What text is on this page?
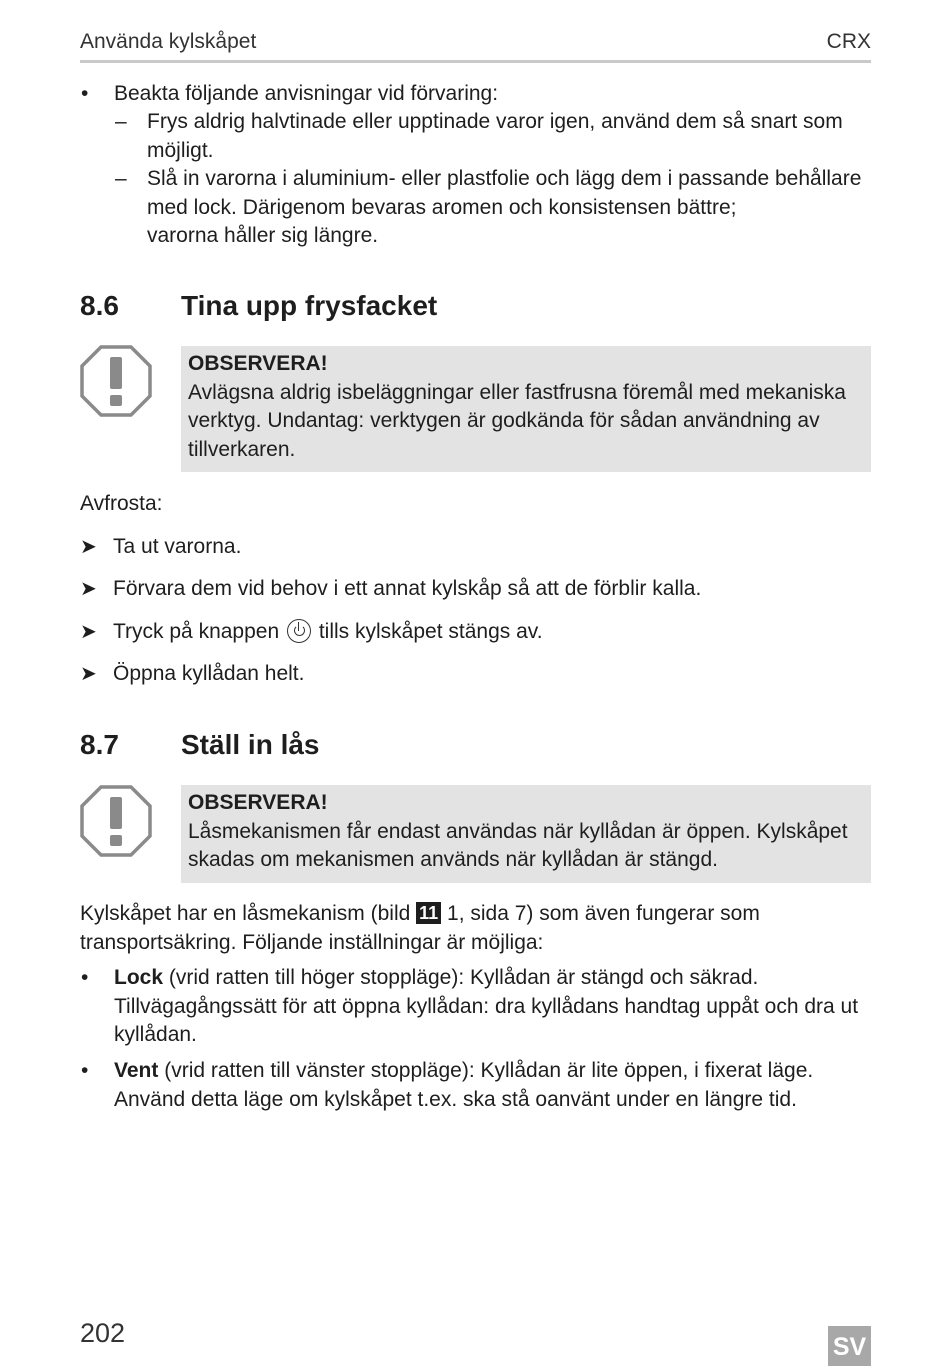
Använda kylskåpet	CRX
• Beakta följande anvisningar vid förvaring:
– Frys aldrig halvtinade eller upptinade varor igen, använd dem så snart som
möjligt.
– Slå in varorna i aluminium- eller plastfolie och lägg dem i passande behållare
med lock. Därigenom bevaras aromen och konsistensen bättre;
varorna håller sig längre.
8.6 Tina upp frysfacket
OBSERVERA!
Avlägsna aldrig isbeläggningar eller fastfrusna föremål med mekaniska
verktyg. Undantag: verktygen är godkända för sådan användning av
tillverkaren.
Avfrosta:
➤ Ta ut varorna.
➤ Förvara dem vid behov i ett annat kylskåp så att de förblir kalla.
➤ Tryck på knappen tills kylskåpet stängs av.
➤ Öppna kyllådan helt.
8.7 Ställ in lås
OBSERVERA!
Låsmekanismen får endast användas när kyllådan är öppen. Kylskåpet
skadas om mekanismen används när kyllådan är stängd.
Kylskåpet har en låsmekanism (bild 11 1, sida 7) som även fungerar som
transportsäkring. Följande inställningar är möjliga:
• Lock (vrid ratten till höger stoppläge): Kyllådan är stängd och säkrad.
Tillvägagångssätt för att öppna kyllådan: dra kyllådans handtag uppåt och dra ut
kyllådan.
• Vent (vrid ratten till vänster stoppläge): Kyllådan är lite öppen, i fixerat läge.
Använd detta läge om kylskåpet t.ex. ska stå oanvänt under en längre tid.
202	SV
